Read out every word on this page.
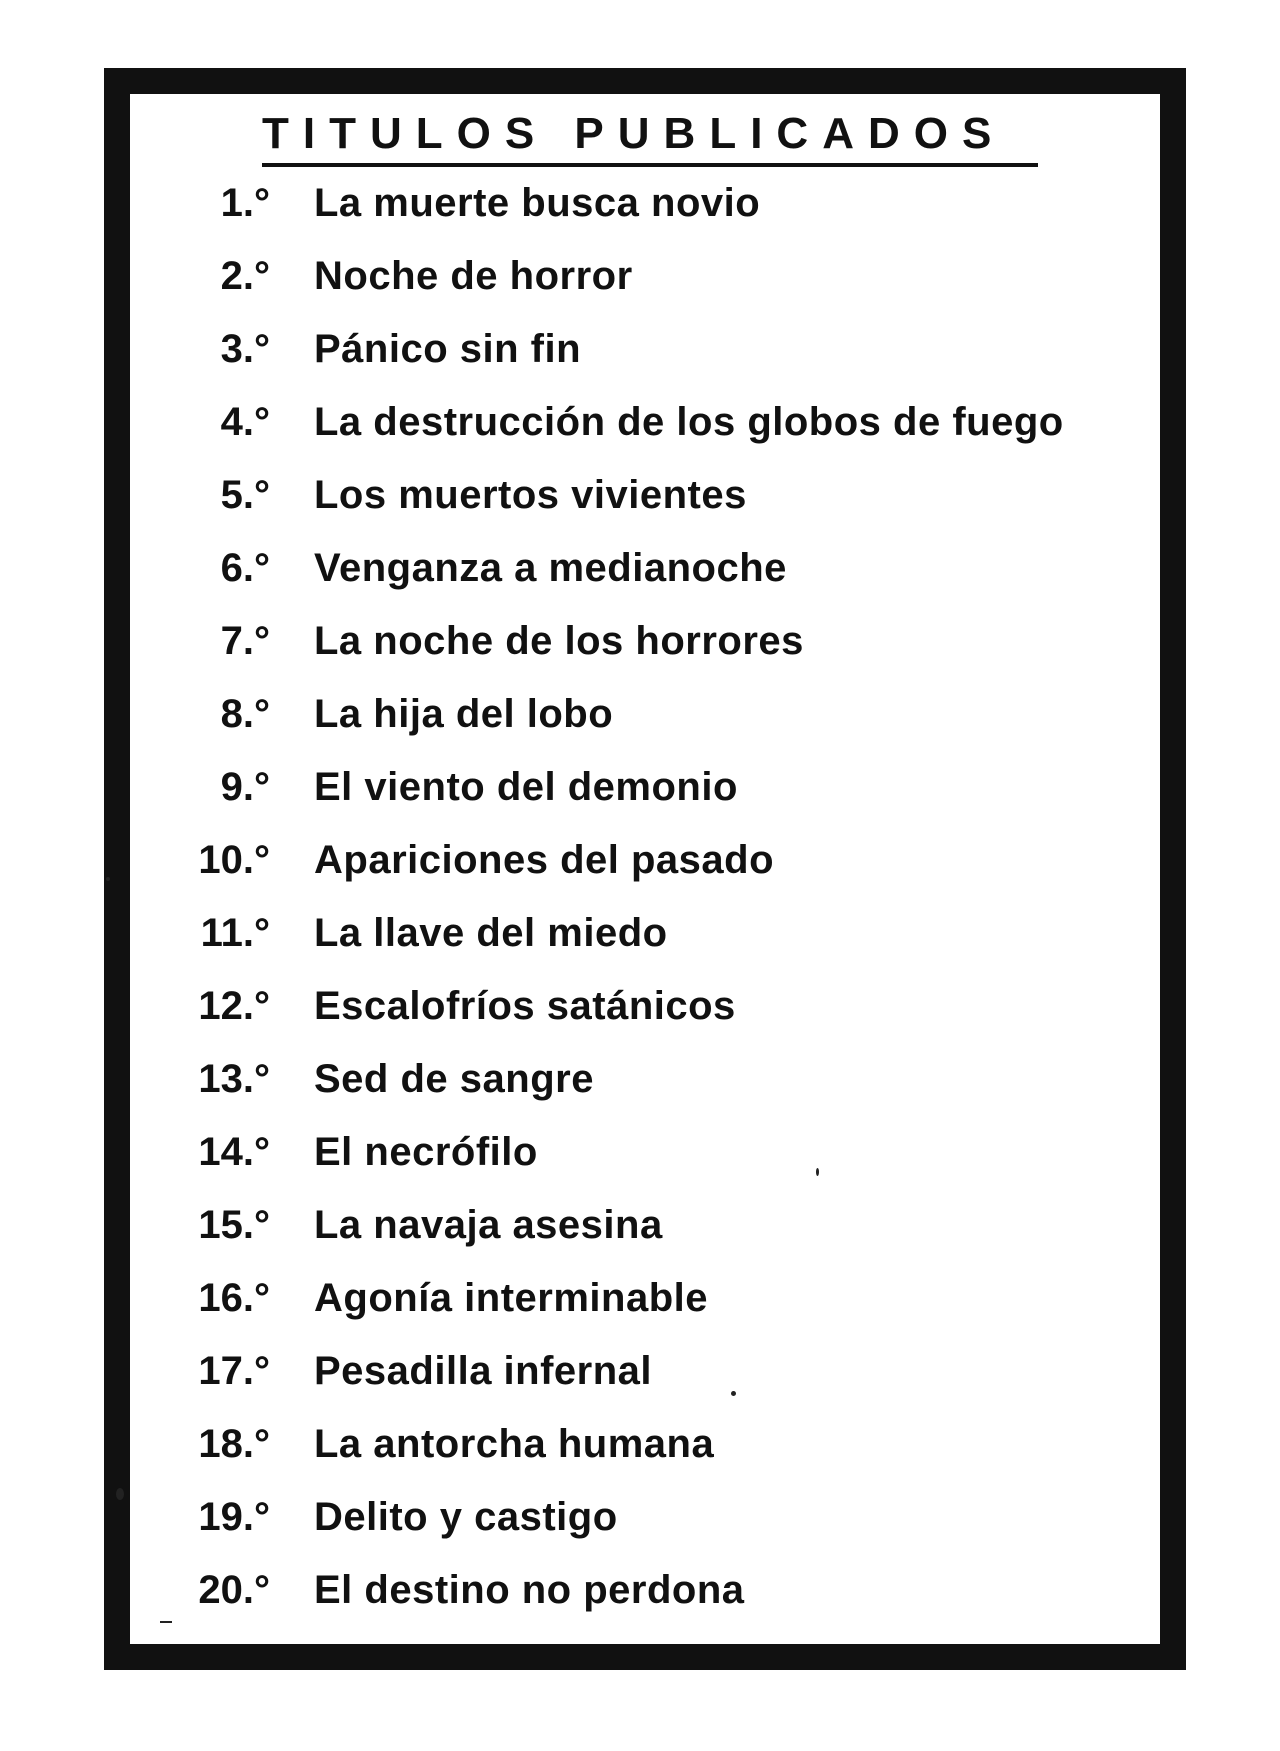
TITULOS PUBLICADOS
1.° La muerte busca novio
2.° Noche de horror
3.° Pánico sin fin
4.° La destrucción de los globos de fuego
5.° Los muertos vivientes
6.° Venganza a medianoche
7.° La noche de los horrores
8.° La hija del lobo
9.° El viento del demonio
10.° Apariciones del pasado
11.° La llave del miedo
12.° Escalofríos satánicos
13.° Sed de sangre
14.° El necrófilo
15.° La navaja asesina
16.° Agonía interminable
17.° Pesadilla infernal
18.° La antorcha humana
19.° Delito y castigo
20.° El destino no perdona
